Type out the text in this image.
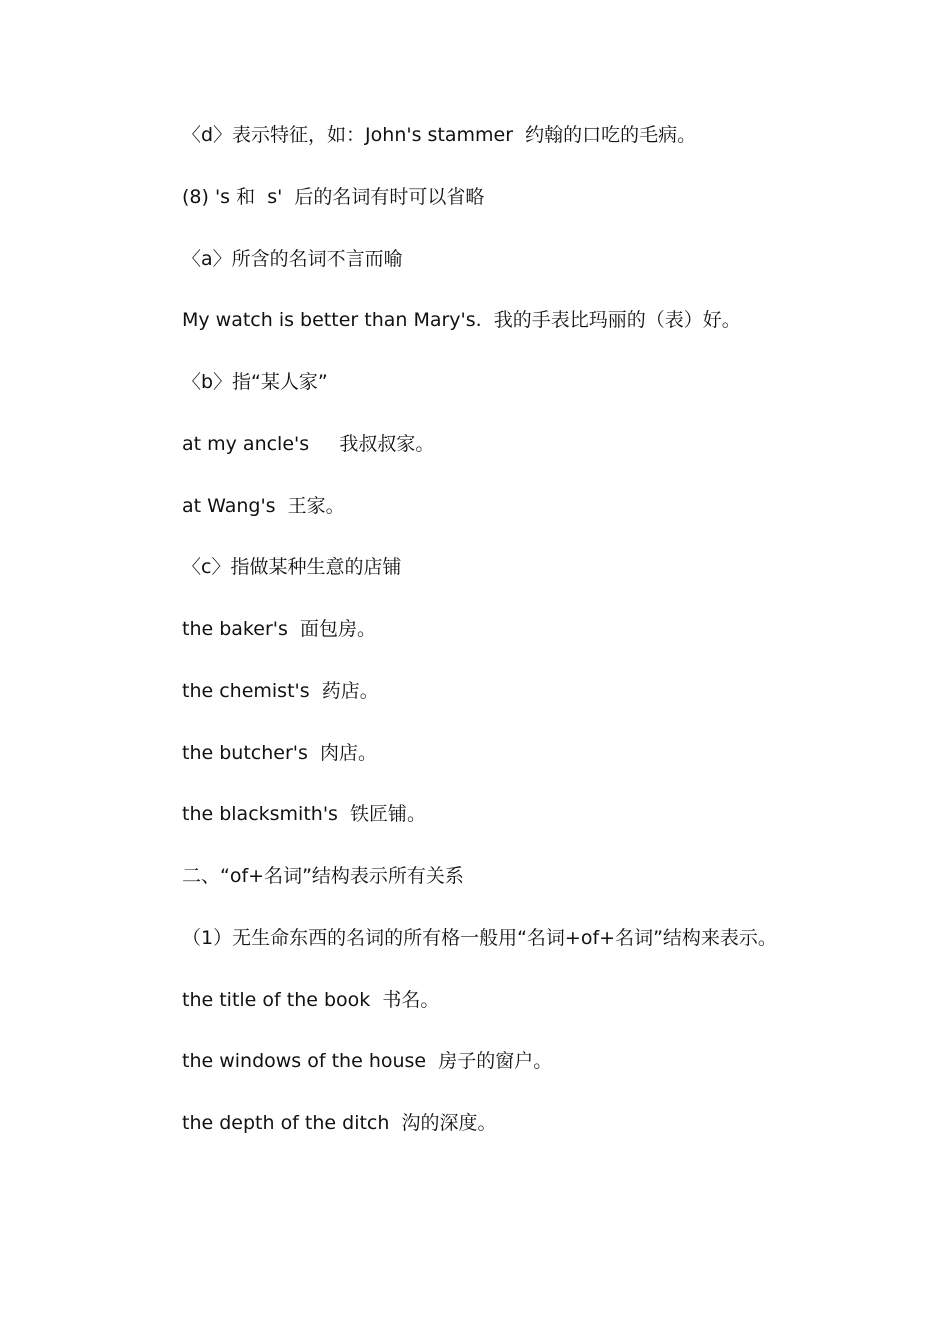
〈d〉表示特征，如：John's stammer  约翰的口吃的毛病。

(8) 's 和  s'  后的名词有时可以省略

〈a〉所含的名词不言而喻

My watch is better than Mary's.  我的手表比玛丽的（表）好。

〈b〉指“某人家”

at my ancle's     我叔叔家。

at Wang's  王家。

〈c〉指做某种生意的店铺

the baker's  面包房。

the chemist's  药店。

the butcher's  肉店。

the blacksmith's  铁匠铺。

二、“of+名词”结构表示所有关系

（1）无生命东西的名词的所有格一般用“名词+of+名词”结构来表示。

the title of the book  书名。

the windows of the house  房子的窗户。

the depth of the ditch  沟的深度。
